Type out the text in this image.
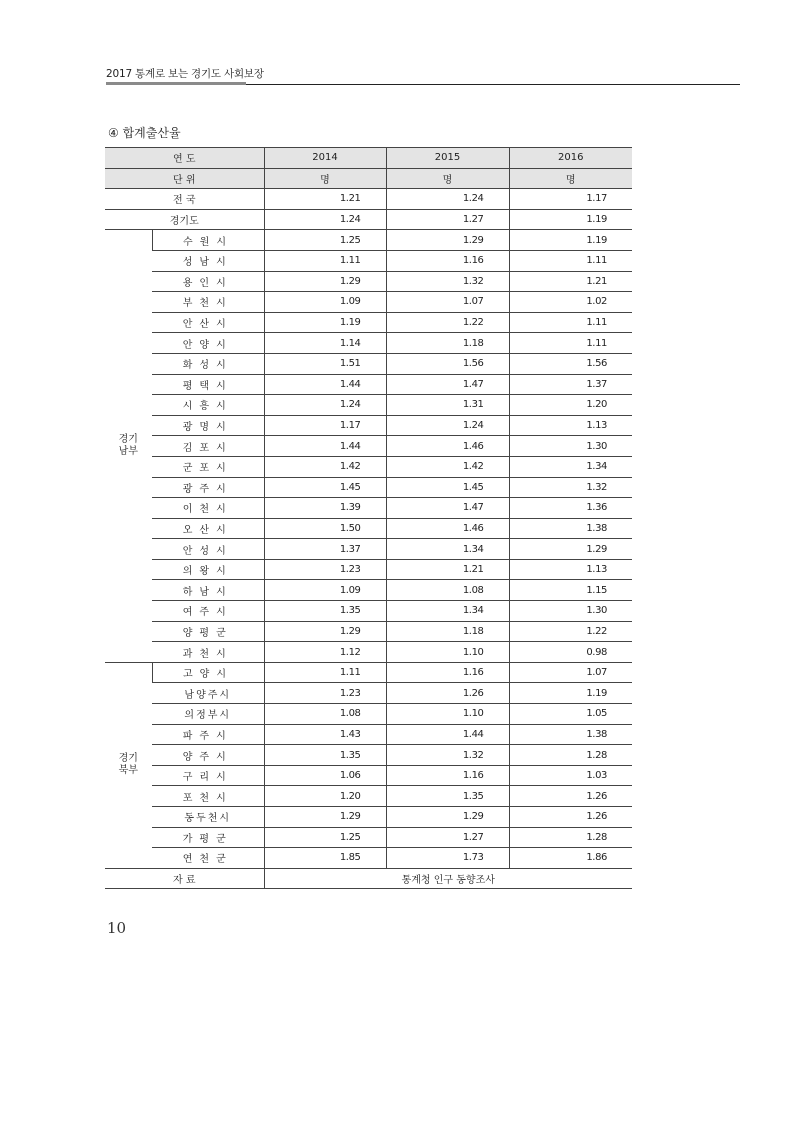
2017 통계로 보는 경기도 사회보장
④ 합계출산율
연 도		2014	2015	2016
단 위		명	명	명
전 국		1.21	1.24	1.17
경기도		1.24	1.27	1.19

경기
남부	수원시	1.25	1.29	1.19
	성남시	1.11	1.16	1.11
	용인시	1.29	1.32	1.21
	부천시	1.09	1.07	1.02
	안산시	1.19	1.22	1.11
	안양시	1.14	1.18	1.11
	화성시	1.51	1.56	1.56
	평택시	1.44	1.47	1.37
	시흥시	1.24	1.31	1.20
	광명시	1.17	1.24	1.13
	김포시	1.44	1.46	1.30
	군포시	1.42	1.42	1.34
	광주시	1.45	1.45	1.32
	이천시	1.39	1.47	1.36
	오산시	1.50	1.46	1.38
	안성시	1.37	1.34	1.29
	의왕시	1.23	1.21	1.13
	하남시	1.09	1.08	1.15
	여주시	1.35	1.34	1.30
	양평군	1.29	1.18	1.22
	과천시	1.12	1.10	0.98

경기
북부	고양시	1.11	1.16	1.07
	남양주시	1.23	1.26	1.19
	의정부시	1.08	1.10	1.05
	파주시	1.43	1.44	1.38
	양주시	1.35	1.32	1.28
	구리시	1.06	1.16	1.03
	포천시	1.20	1.35	1.26
	동두천시	1.29	1.29	1.26
	가평군	1.25	1.27	1.28
	연천군	1.85	1.73	1.86
자 료		통계청 인구 동향조사		
10
